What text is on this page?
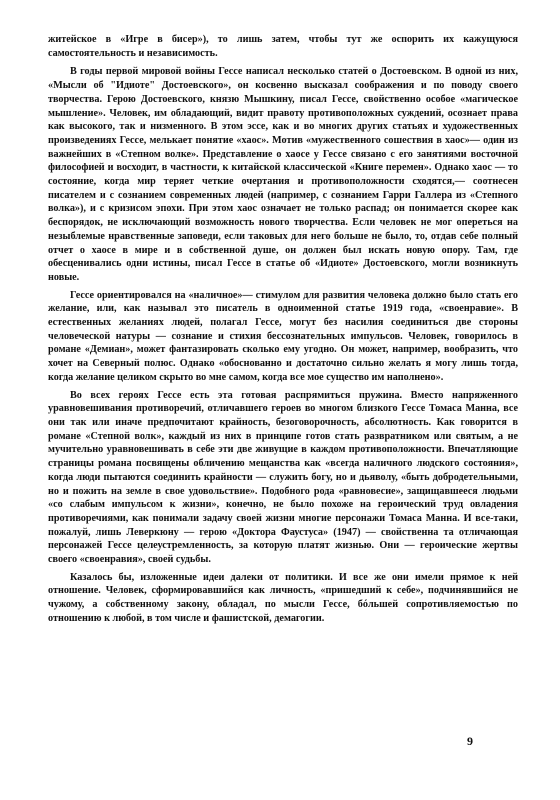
житейское в «Игре в бисер»), то лишь затем, чтобы тут же оспорить их кажущуюся самостоятельность и независимость.

В годы первой мировой войны Гессе написал несколько статей о Достоевском. В одной из них, «Мысли об "Идиоте" Достоевского», он косвенно высказал соображения и по поводу своего творчества. Герою Достоевского, князю Мышкину, писал Гессе, свойственно особое «магическое мышление». Человек, им обладающий, видит правоту противоположных суждений, осознает права как высокого, так и низменного. В этом эссе, как и во многих других статьях и художественных произведениях Гессе, мелькает понятие «хаос». Мотив «мужественного сошествия в хаос»— один из важнейших в «Степном волке». Представление о хаосе у Гессе связано с его занятиями восточной философией и восходит, в частности, к китайской классической «Книге перемен». Однако хаос — то состояние, когда мир теряет четкие очертания и противоположности сходятся,— соотнесен писателем и с сознанием современных людей (например, с сознанием Гарри Галлера из «Степного волка»), и с кризисом эпохи. При этом хаос означает не только распад; он понимается скорее как беспорядок, не исключающий возможность нового творчества. Если человек не мог опереться на незыблемые нравственные заповеди, если таковых для него больше не было, то, отдав себе полный отчет о хаосе в мире и в собственной душе, он должен был искать новую опору. Там, где обесценивались одни истины, писал Гессе в статье об «Идиоте» Достоевского, могли возникнуть новые.

Гессе ориентировался на «наличное»— стимулом для развития человека должно было стать его желание, или, как называл это писатель в одноименной статье 1919 года, «своенравие». В естественных желаниях людей, полагал Гессе, могут без насилия соединиться две стороны человеческой натуры — сознание и стихия бессознательных импульсов. Человек, говорилось в романе «Демиан», может фантазировать сколько ему угодно. Он может, например, вообразить, что хочет на Северный полюс. Однако «обоснованно и достаточно сильно желать я могу лишь тогда, когда желание целиком скрыто во мне самом, когда все мое существо им наполнено».

Во всех героях Гессе есть эта готовая распрямиться пружина. Вместо напряженного уравновешивания противоречий, отличавшего героев во многом близкого Гессе Томаса Манна, все они так или иначе предпочитают крайность, безоговорочность, абсолютность. Как говорится в романе «Степной волк», каждый из них в принципе готов стать развратником или святым, а не мучительно уравновешивать в себе эти две живущие в каждом противоположности. Впечатляющие страницы романа посвящены обличению мещанства как «всегда наличного людского состояния», когда люди пытаются соединить крайности — служить богу, но и дьяволу, «быть добродетельными, но и пожить на земле в свое удовольствие». Подобного рода «равновесие», защищавшееся людьми «со слабым импульсом к жизни», конечно, не было похоже на героический труд овладения противоречиями, как понимали задачу своей жизни многие персонажи Томаса Манна. И все-таки, пожалуй, лишь Леверкюну — герою «Доктора Фаустуса» (1947) — свойственна та отличающая персонажей Гессе целеустремленность, за которую платят жизнью. Они — героические жертвы своего «своенравия», своей судьбы.

Казалось бы, изложенные идеи далеки от политики. И все же они имели прямое к ней отношение. Человек, сформировавшийся как личность, «пришедший к себе», подчинявшийся не чужому, а собственному закону, обладал, по мысли Гессе, бóльшей сопротивляемостью по отношению к любой, в том числе и фашистской, демагогии.

9
